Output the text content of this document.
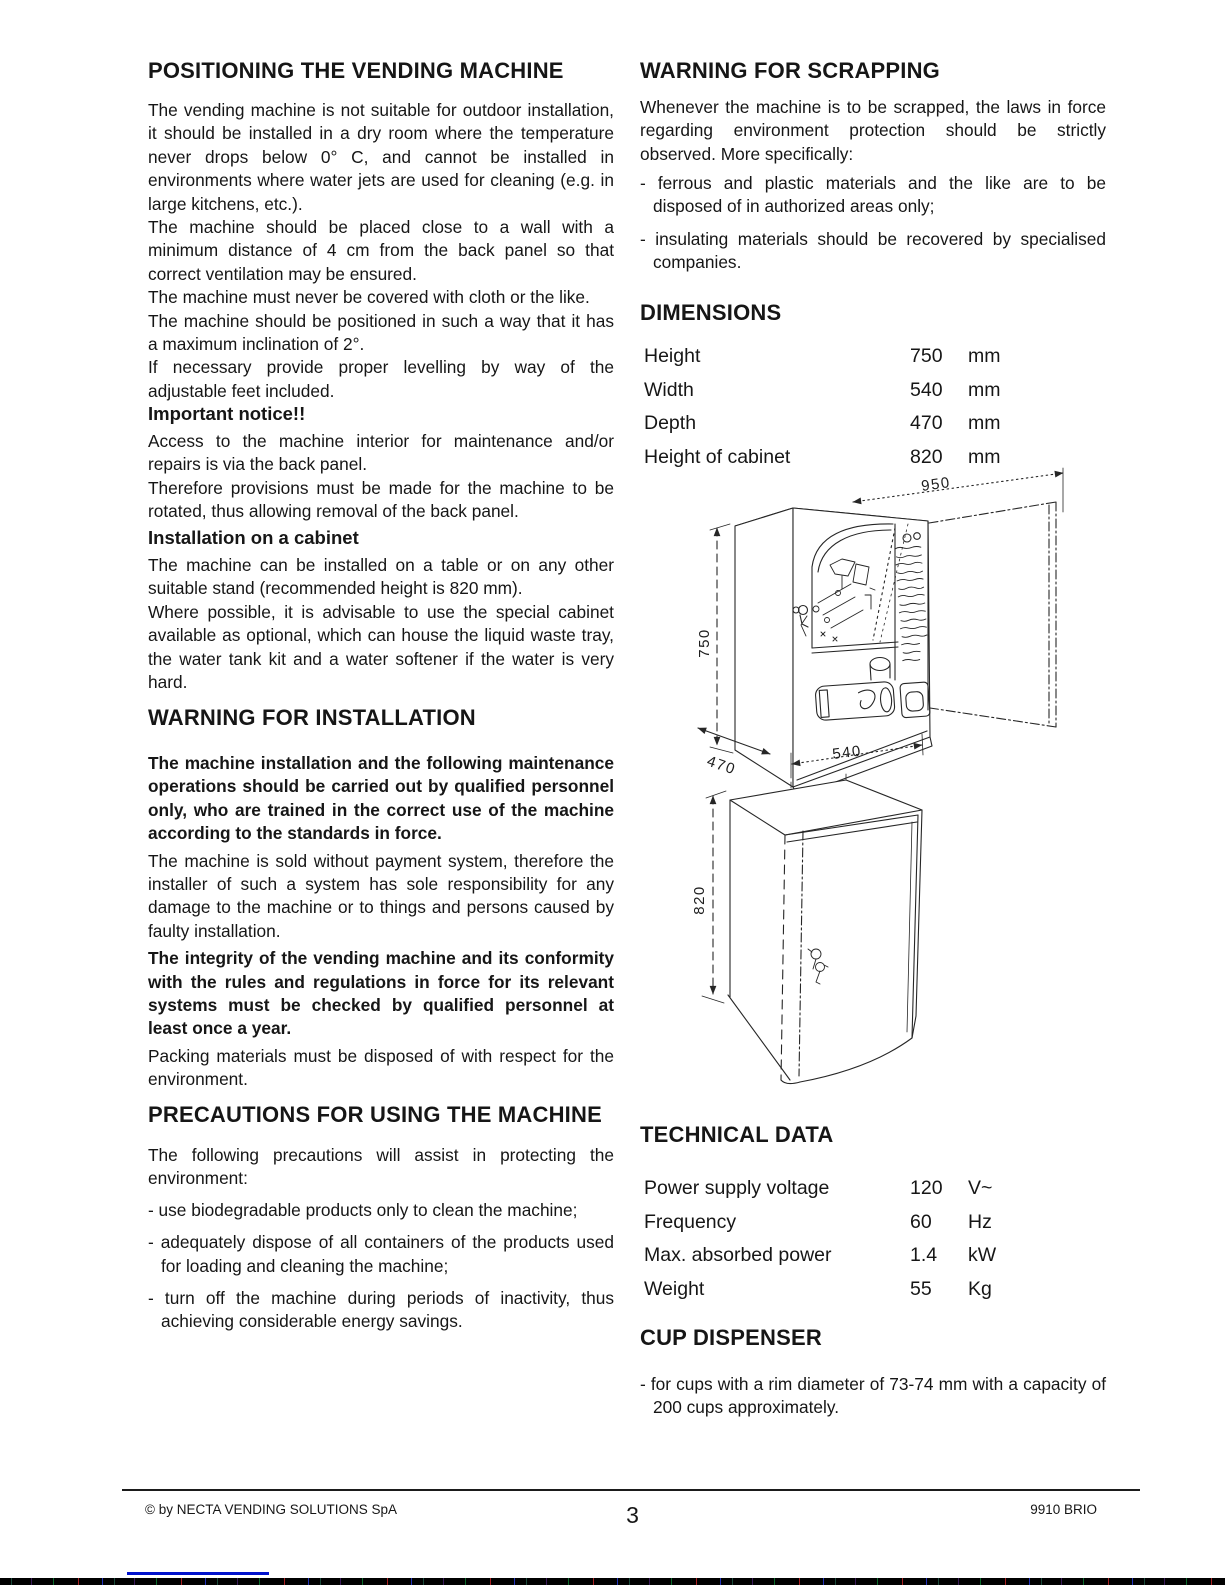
POSITIONING THE VENDING MACHINE

The vending machine is not suitable for outdoor installation, it should be installed in a dry room where the temperature never drops below 0° C, and cannot be installed in environments where water jets are used for cleaning (e.g. in large kitchens, etc.).

The machine should be placed close to a wall with a minimum distance of 4 cm from the back panel so that correct ventilation may be ensured.

The machine must never be covered with cloth or the like.

The machine should be positioned in such a way that it has a maximum inclination of 2°.

If necessary provide proper levelling by way of the adjustable feet included.

Important notice!!

Access to the machine interior for maintenance and/or repairs is via the back panel.

Therefore provisions must be made for the machine to be rotated, thus allowing removal of the back panel.

Installation on a cabinet

The machine can be installed on a table or on any other suitable stand (recommended height is 820 mm).

Where possible, it is advisable to use the special cabinet available as optional, which can house the liquid waste tray, the water tank kit and a water softener if the water is very hard.

WARNING FOR INSTALLATION

The machine installation and the following maintenance operations should be carried out by qualified personnel only, who are trained in the correct use of the machine according to the standards in force.

The machine is sold without payment system, therefore the installer of such a system has sole responsibility for any damage to the machine or to things and persons caused by faulty installation.

The integrity of the vending machine and its conformity with the rules and regulations in force for its relevant systems must be checked by qualified personnel at least once a year.

Packing materials must be disposed of with respect for the environment.

PRECAUTIONS FOR USING THE MACHINE

The following precautions will assist in protecting the environment:

- use biodegradable products only to clean the machine;

- adequately dispose of all containers of the products used for loading and cleaning the machine;

- turn off the machine during periods of inactivity, thus achieving considerable energy savings.

WARNING FOR SCRAPPING

Whenever the machine is to be scrapped, the laws in force regarding environment protection should be strictly observed. More specifically:

- ferrous and plastic materials and the like are to be disposed of in authorized areas only;

- insulating materials should be recovered by specialised companies.

DIMENSIONS
Height	750 mm
Width	540 mm
Depth	470 mm
Height of cabinet	820 mm
950
750
470	540
820
TECHNICAL DATA
Power supply voltage	120 V~
Frequency	60 Hz
Max. absorbed power	1.4 kW
Weight	55 Kg
CUP DISPENSER

- for cups with a rim diameter of 73-74 mm with a capacity of 200 cups approximately.

© by NECTA VENDING SOLUTIONS SpA	3	9910 BRIO
